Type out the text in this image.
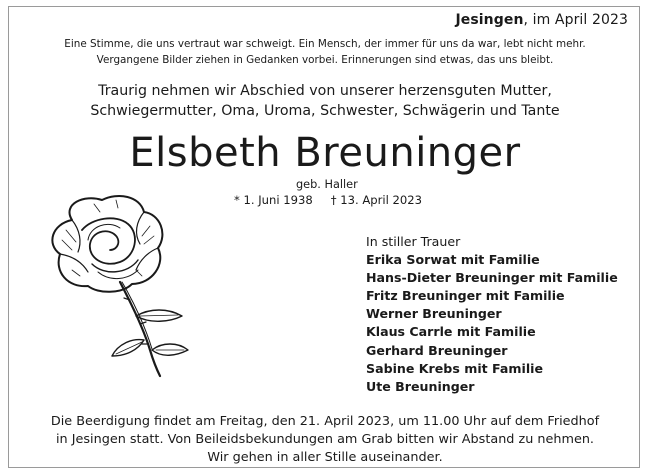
Jesingen, im April 2023
Eine Stimme, die uns vertraut war schweigt. Ein Mensch, der immer für uns da war, lebt nicht mehr.
Vergangene Bilder ziehen in Gedanken vorbei. Erinnerungen sind etwas, das uns bleibt.
Traurig nehmen wir Abschied von unserer herzensguten Mutter,
Schwiegermutter, Oma, Uroma, Schwester, Schwägerin und Tante
Elsbeth Breuninger
geb. Haller
* 1. Juni 1938 † 13. April 2023
In stiller Trauer
Erika Sorwat mit Familie
Hans-Dieter Breuninger mit Familie
Fritz Breuninger mit Familie
Werner Breuninger
Klaus Carrle mit Familie
Gerhard Breuninger
Sabine Krebs mit Familie
Ute Breuninger
Die Beerdigung findet am Freitag, den 21. April 2023, um 11.00 Uhr auf dem Friedhof
in Jesingen statt. Von Beileidsbekundungen am Grab bitten wir Abstand zu nehmen.
Wir gehen in aller Stille auseinander.
